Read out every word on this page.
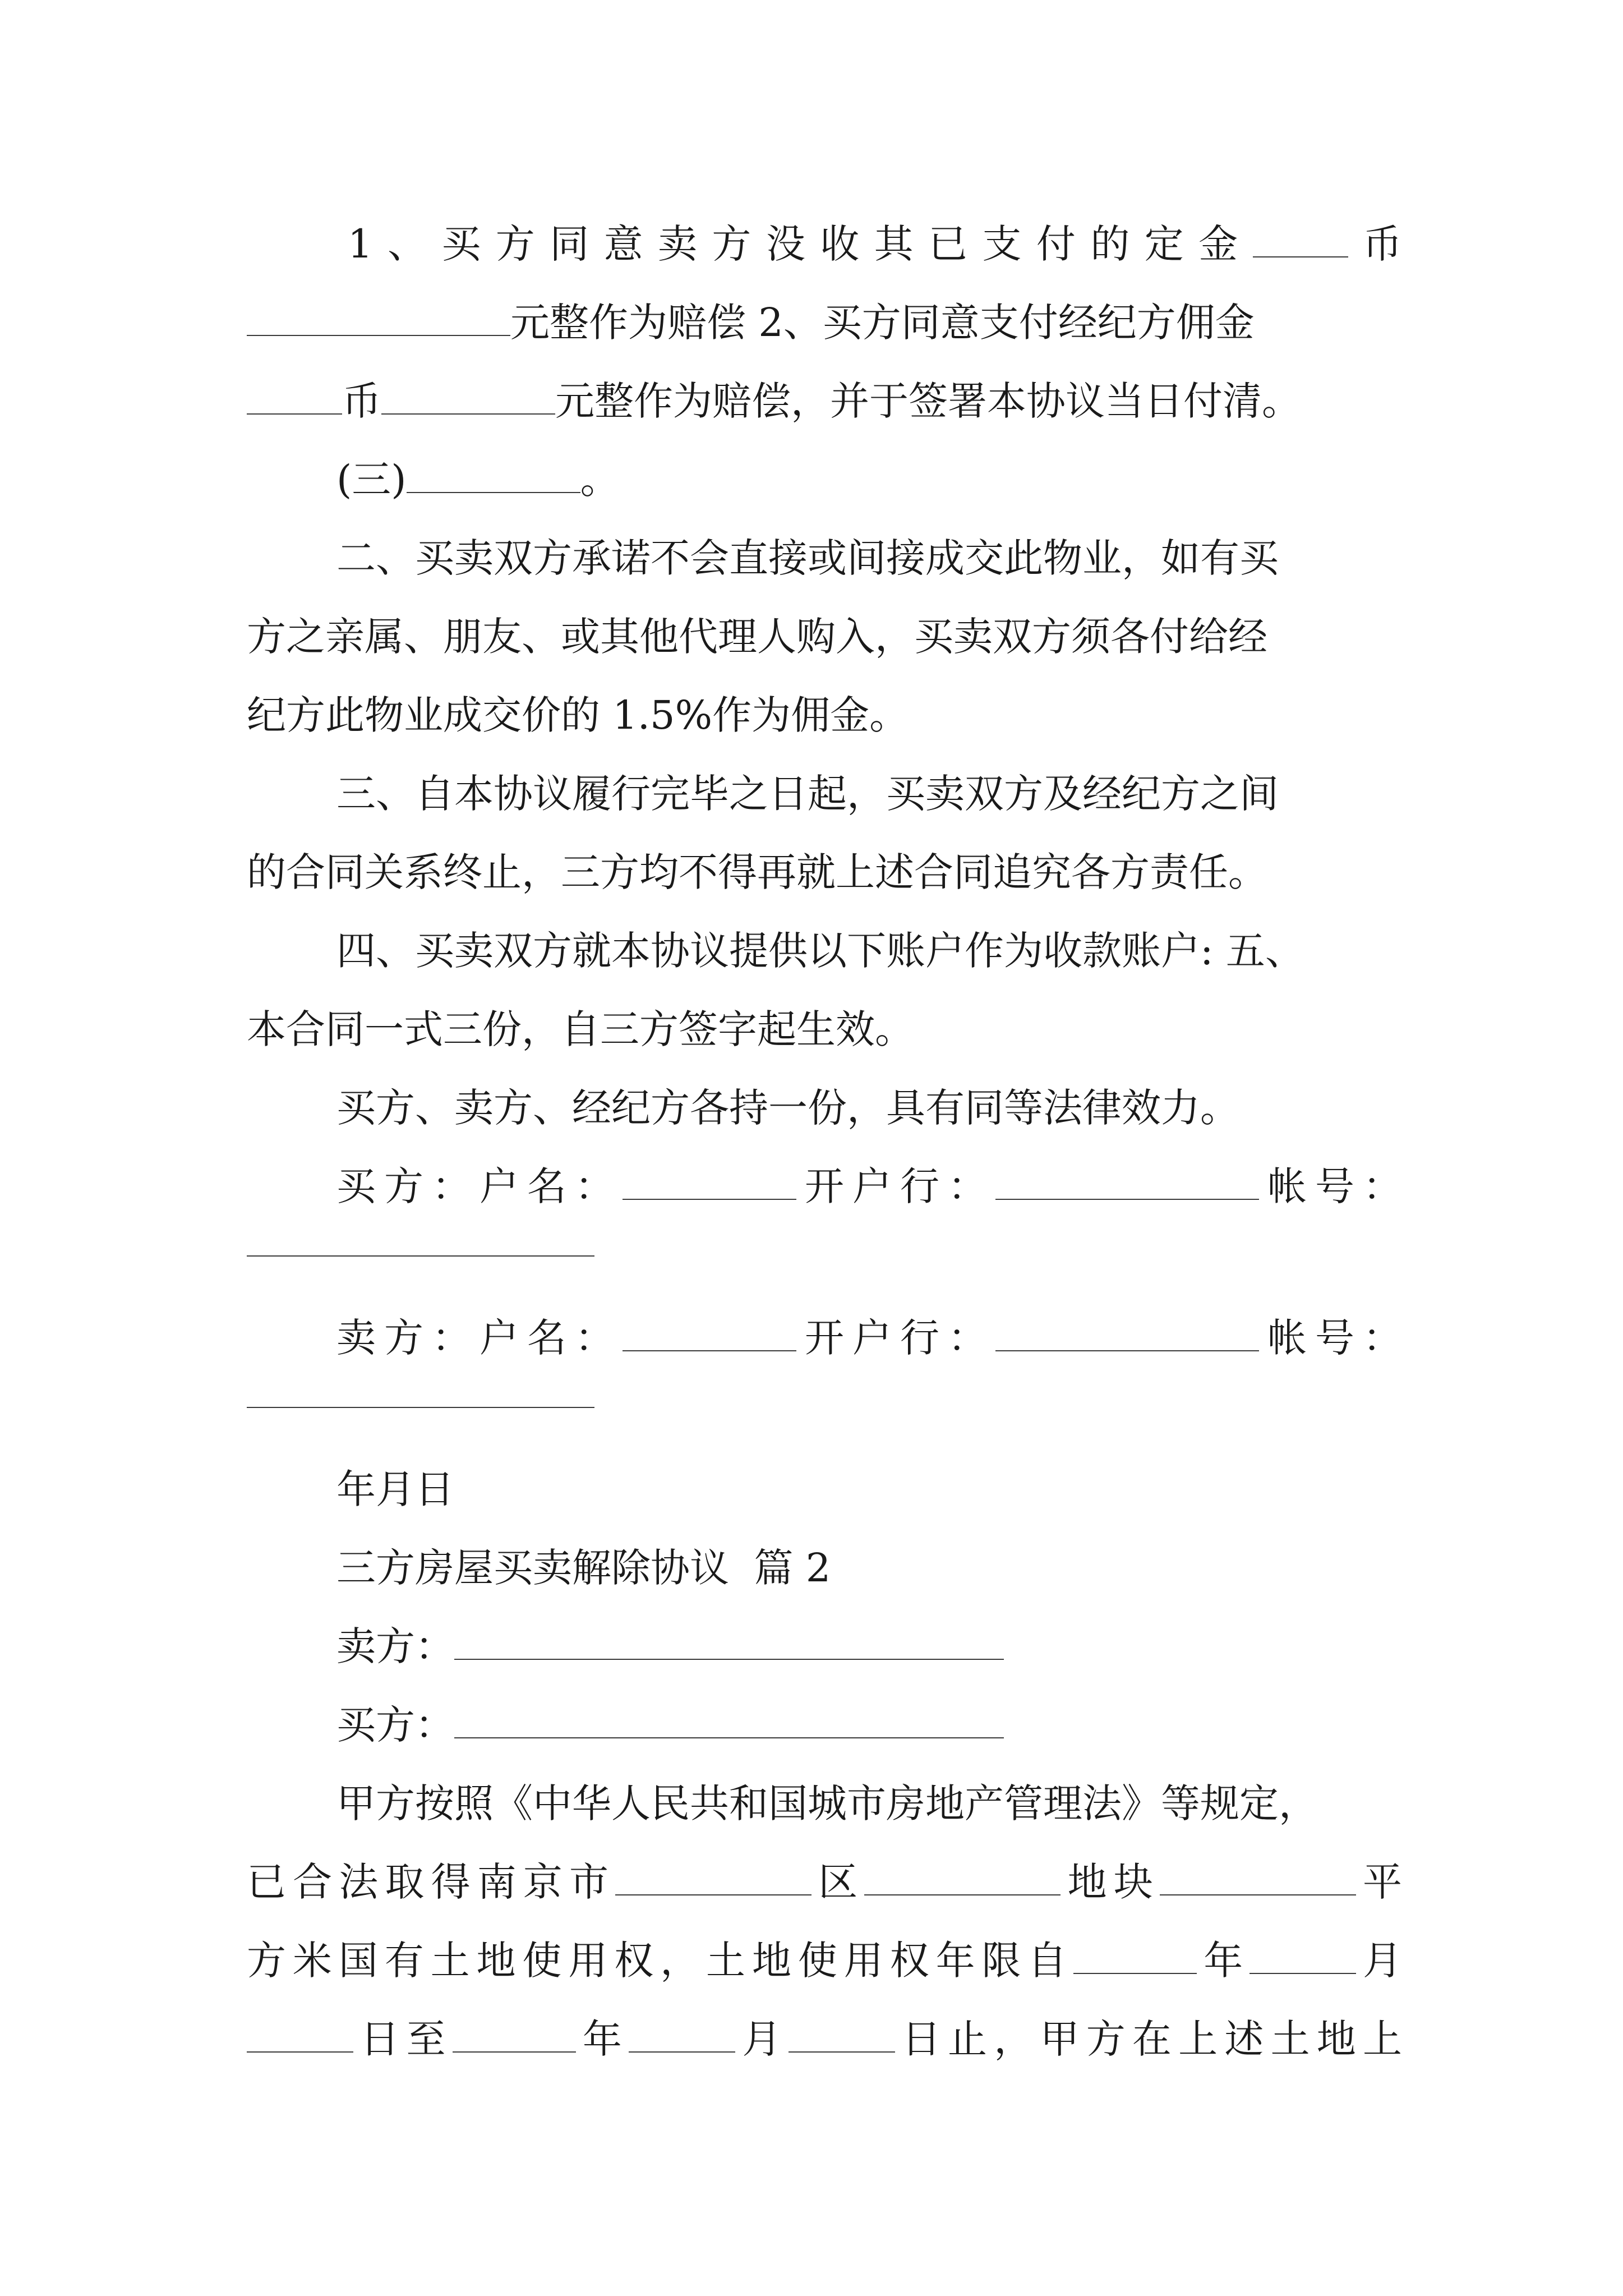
1、买方同意卖方没收其已支付的定金 币
元整作为赔偿 2、买方同意支付经纪方佣金
币	元整作为赔偿，并于签署本协议当日付清。
(三)	。
二、买卖双方承诺不会直接或间接成交此物业，如有买
方之亲属、朋友、或其他代理人购入，买卖双方须各付给经
纪方此物业成交价的 1.5%作为佣金。
三、自本协议履行完毕之日起，买卖双方及经纪方之间
的合同关系终止，三方均不得再就上述合同追究各方责任。
四、买卖双方就本协议提供以下账户作为收款账户: 五、
本合同一式三份，自三方签字起生效。
买方、卖方、经纪方各持一份，具有同等法律效力。
买方：户名：	开户行：	帐号：
卖方：户名：	开户行：	帐号：
年月日
三方房屋买卖解除协议  篇 2
卖方：
买方：
甲方按照《中华人民共和国城市房地产管理法》等规定，
已合法取得南京市	区	地块	平
方米国有土地使用权，土地使用权年限自	年	月
日至	年	月	日止，甲方在上述土地上
